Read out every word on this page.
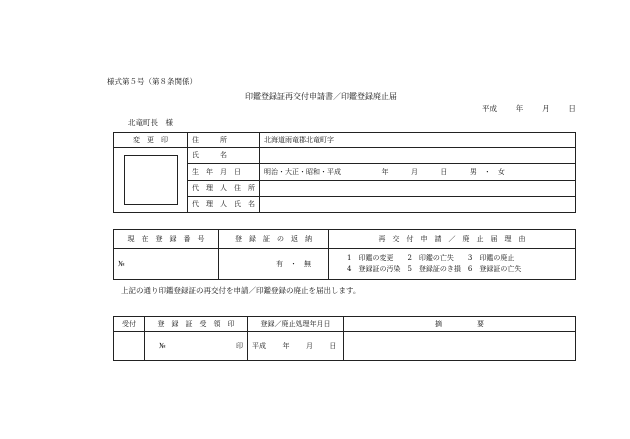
様式第５号（第８条関係）
印鑑登録証再交付申請書／印鑑登録廃止届
平成	年	月	日
北竜町長　様
変　更　印	住　　　所	北海道雨竜郡北竜町字

	氏　　　名	
	生　年　月　日	明治・大正・昭和・平成 年 月 日 男　・　女
	代　理　人　住　所	
	代　理　人　氏　名	
現　在　登　録　番　号	登　録　証　の　返　納	再　交　付　申　請　／　廃　止　届　理　由
№	有　・　無	1　印鑑の変更　　2　印鑑の亡失　　3　印鑑の廃止
4　登録証の汚染　5　登録証のき損　6　登録証の亡失
上記の通り印鑑登録証の再交付を申請／印鑑登録の廃止を届出します。
受付	登　録　証　受　領　印	登録／廃止処理年月日	摘　　　　　要

	№ 印	平成 年 月 日	
